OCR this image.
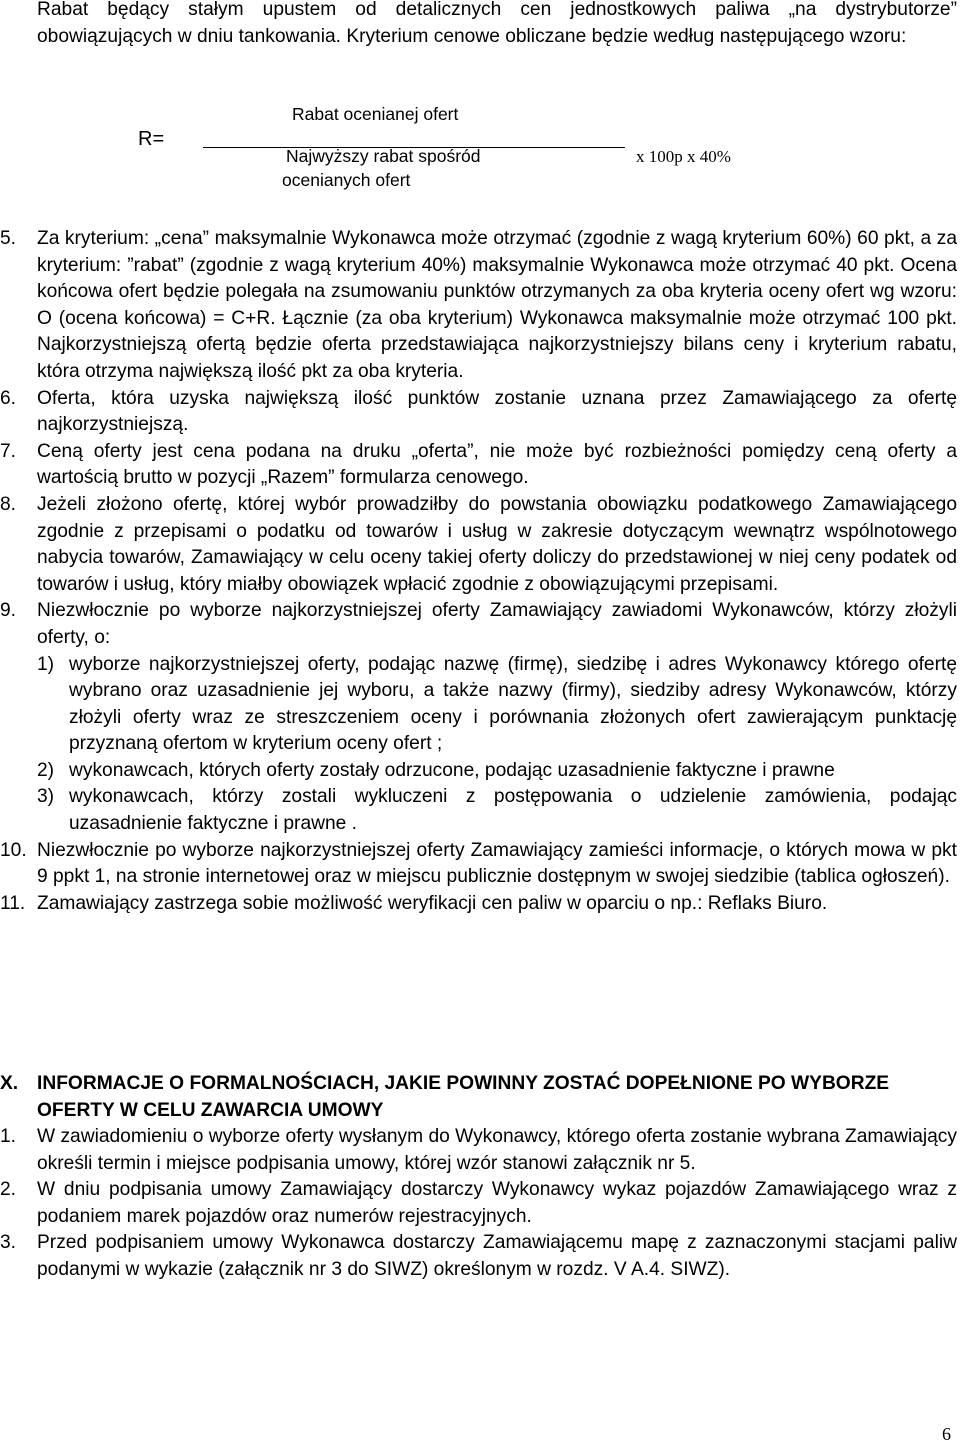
Rabat będący stałym upustem od detalicznych cen jednostkowych paliwa „na dystrybutorze” obowiązujących w dniu tankowania. Kryterium cenowe obliczane będzie według następującego wzoru:

R=
Rabat ocenianej ofert
Najwyższy rabat spośród
ocenianych ofert
x 100p x 40%
5.	Za kryterium: „cena” maksymalnie Wykonawca może otrzymać (zgodnie z wagą kryterium 60%) 60 pkt, a za kryterium: ”rabat” (zgodnie z wagą kryterium 40%) maksymalnie Wykonawca może otrzymać 40 pkt. Ocena końcowa ofert będzie polegała na zsumowaniu punktów otrzymanych za oba kryteria oceny ofert wg wzoru: O (ocena końcowa) = C+R. Łącznie (za oba kryterium) Wykonawca maksymalnie może otrzymać 100 pkt. Najkorzystniejszą ofertą będzie oferta przedstawiająca najkorzystniejszy bilans ceny i kryterium rabatu, która otrzyma największą ilość pkt za oba kryteria.
6.	Oferta, która uzyska największą ilość punktów zostanie uznana przez Zamawiającego za ofertę najkorzystniejszą.
7.	Ceną oferty jest cena podana na druku „oferta”, nie może być rozbieżności pomiędzy ceną oferty a wartością brutto w pozycji „Razem” formularza cenowego.
8.	Jeżeli złożono ofertę, której wybór prowadziłby do powstania obowiązku podatkowego Zamawiającego zgodnie z przepisami o podatku od towarów i usług w zakresie dotyczącym wewnątrz wspólnotowego nabycia towarów, Zamawiający w celu oceny takiej oferty doliczy do przedstawionej w niej ceny podatek od towarów i usług, który miałby obowiązek wpłacić zgodnie z obowiązującymi przepisami.
9.	Niezwłocznie po wyborze najkorzystniejszej oferty Zamawiający zawiadomi Wykonawców, którzy złożyli oferty, o:
1) wyborze najkorzystniejszej oferty, podając nazwę (firmę), siedzibę i adres Wykonawcy którego ofertę wybrano oraz uzasadnienie jej wyboru, a także nazwy (firmy), siedziby adresy Wykonawców, którzy złożyli oferty wraz ze streszczeniem oceny i porównania złożonych ofert zawierającym punktację przyznaną ofertom w kryterium oceny ofert ;
2) wykonawcach, których oferty zostały odrzucone, podając uzasadnienie faktyczne i prawne
3) wykonawcach, którzy zostali wykluczeni z postępowania o udzielenie zamówienia, podając uzasadnienie faktyczne i prawne .
10. Niezwłocznie po wyborze najkorzystniejszej oferty Zamawiający zamieści informacje, o których mowa w pkt 9 ppkt 1, na stronie internetowej oraz w miejscu publicznie dostępnym w swojej siedzibie (tablica ogłoszeń).
11. Zamawiający zastrzega sobie możliwość weryfikacji cen paliw w oparciu o np.: Reflaks Biuro.
X. INFORMACJE O FORMALNOŚCIACH, JAKIE POWINNY ZOSTAĆ DOPEŁNIONE PO WYBORZE OFERTY W CELU ZAWARCIA UMOWY
1.	W zawiadomieniu o wyborze oferty wysłanym do Wykonawcy, którego oferta zostanie wybrana Zamawiający określi termin i miejsce podpisania umowy, której wzór stanowi załącznik nr 5.
2.	W dniu podpisania umowy Zamawiający dostarczy Wykonawcy wykaz pojazdów Zamawiającego wraz z podaniem marek pojazdów oraz numerów rejestracyjnych.
3.	Przed podpisaniem umowy Wykonawca dostarczy Zamawiającemu mapę z zaznaczonymi stacjami paliw podanymi w wykazie (załącznik nr 3 do SIWZ) określonym w rozdz. V A.4. SIWZ).
6
